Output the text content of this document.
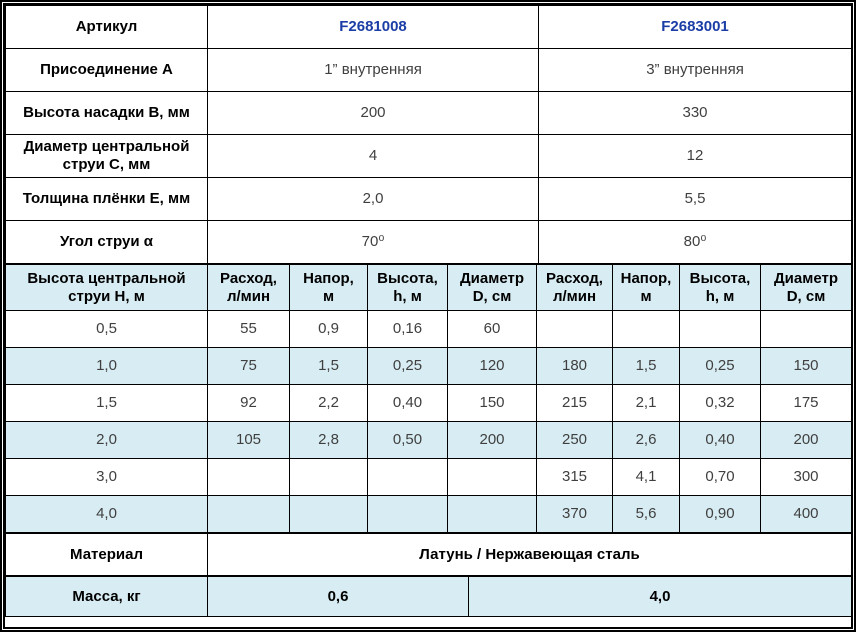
Артикул	F2681008	F2683001
Присоединение А	1” внутренняя	3” внутренняя
Высота насадки В, мм	200	330
Диаметр центральной струи С, мм	4	12
Толщина плёнки Е, мм	2,0	5,5
Угол струи α	70⁰	80⁰
Высота центральной струи Н, м	Расход, л/мин	Напор, м	Высота, h, м	Диаметр D, см	Расход, л/мин	Напор, м	Высота, h, м	Диаметр D, см
0,5	55	0,9	0,16	60				
1,0	75	1,5	0,25	120	180	1,5	0,25	150
1,5	92	2,2	0,40	150	215	2,1	0,32	175
2,0	105	2,8	0,50	200	250	2,6	0,40	200
3,0					315	4,1	0,70	300
4,0					370	5,6	0,90	400
Материал	Латунь / Нержавеющая сталь
Масса, кг	0,6	4,0
